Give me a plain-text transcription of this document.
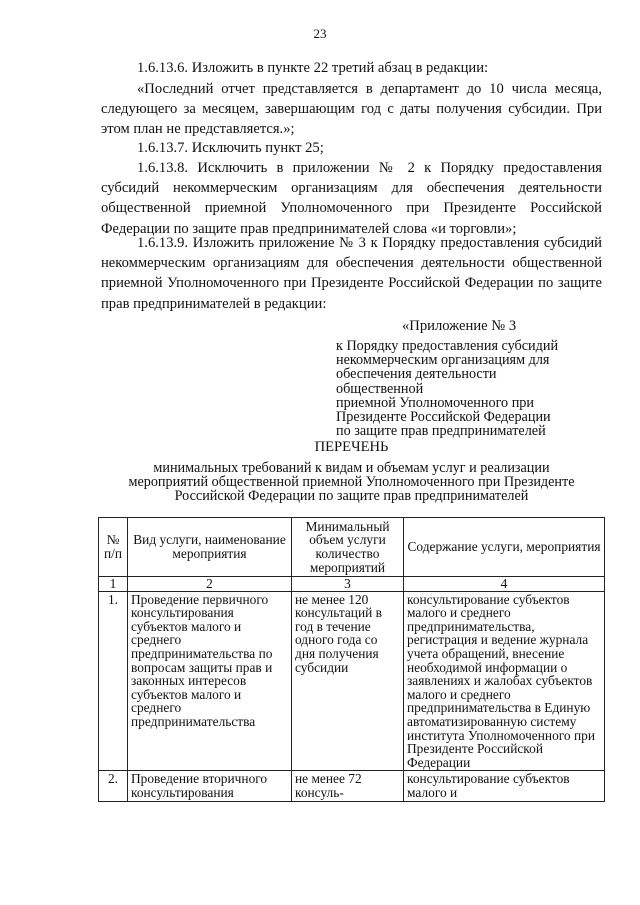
23

1.6.13.6. Изложить в пункте 22 третий абзац в редакции:

«Последний отчет представляется в департамент до 10 числа месяца, следующего за месяцем, завершающим год с даты получения субсидии. При этом план не представляется.»;

1.6.13.7. Исключить пункт 25;

1.6.13.8. Исключить в приложении № 2 к Порядку предоставления субсидий некоммерческим организациям для обеспечения деятельности общественной приемной Уполномоченного при Президенте Российской Федерации по защите прав предпринимателей слова «и торговли»;

1.6.13.9. Изложить приложение № 3 к Порядку предоставления субсидий некоммерческим организациям для обеспечения деятельности общественной приемной Уполномоченного при Президенте Российской Федерации по защите прав предпринимателей в редакции:

«Приложение № 3
к Порядку предоставления субсидий
некоммерческим организациям для
обеспечения деятельности общественной
приемной Уполномоченного при
Президенте Российской Федерации
по защите прав предпринимателей
ПЕРЕЧЕНЬ
минимальных требований к видам и объемам услуг и реализации
мероприятий общественной приемной Уполномоченного при Президенте
Российской Федерации по защите прав предпринимателей
№ п/п	Вид услуги, наименование мероприятия	Минимальный объем услуги количество мероприятий	Содержание услуги, мероприятия
1	2	3	4
1.	Проведение первичного консультирования субъектов малого и среднего предпринимательства по вопросам защиты прав и законных интересов субъектов малого и среднего предпринимательства	не менее 120 консультаций в год в течение одного года со дня получения субсидии	консультирование субъектов малого и среднего предпринимательства, регистрация и ведение журнала учета обращений, внесение необходимой информации о заявлениях и жалобах субъектов малого и среднего предпринимательства в Единую автоматизированную систему института Уполномоченного при Президенте Российской Федерации
2.	Проведение вторичного консультирования	не менее 72 консуль-	консультирование субъектов малого и
